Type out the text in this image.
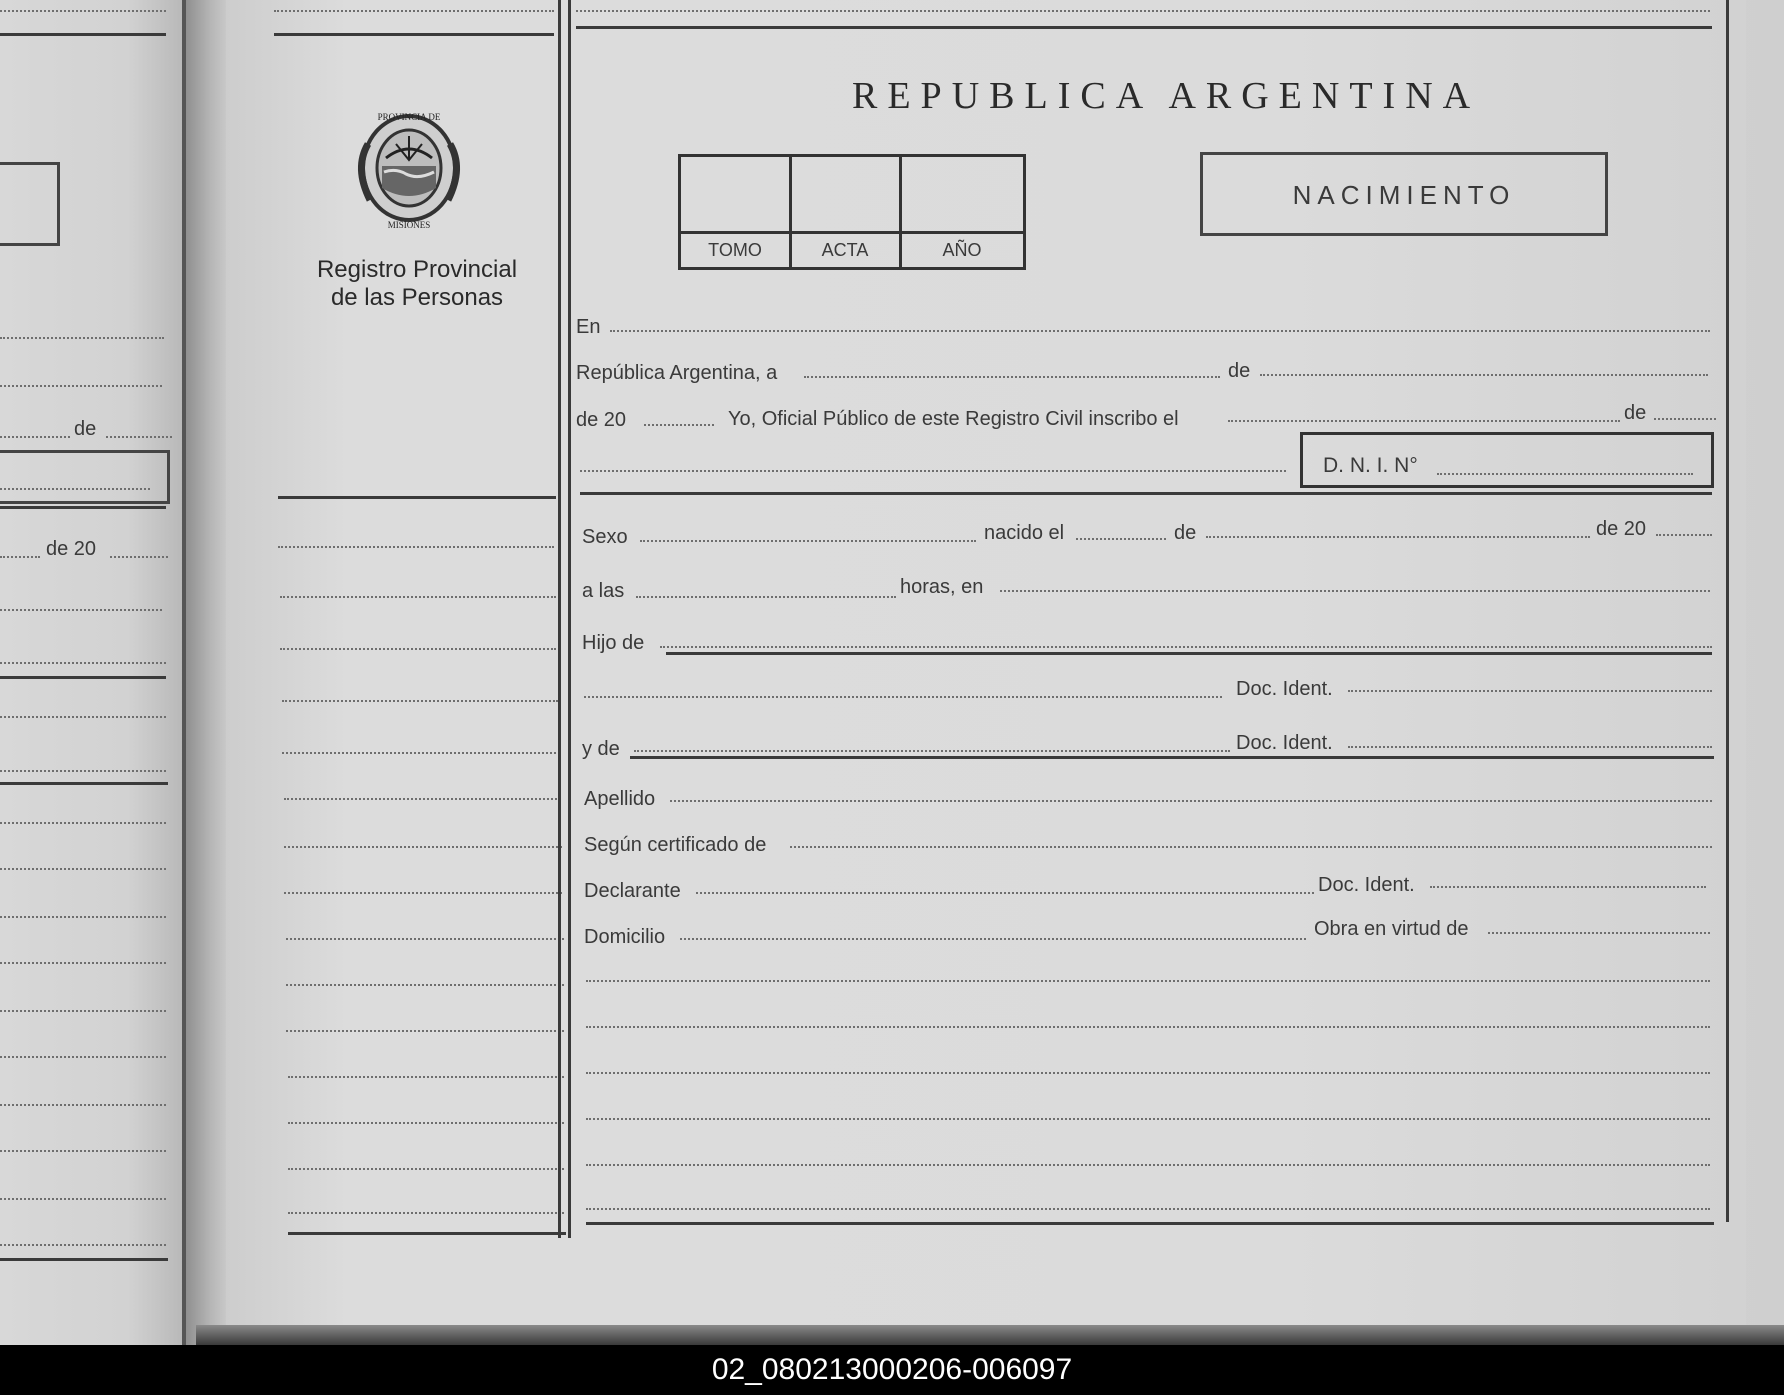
de
de 20
PROVINCIA DE
MISIONES
Registro Provincial
de las Personas
REPUBLICA ARGENTINA
TOMO	ACTA	AÑO
NACIMIENTO
En
República Argentina, a	de
de 20	Yo, Oficial Público de este Registro Civil inscribo el	de
D. N. I. N°
Sexo	nacido el	de	de 20
a las	horas, en
Hijo de
Doc. Ident.
y de	Doc. Ident.
Apellido
Según certificado de
Declarante	Doc. Ident.
Domicilio	Obra en virtud de
02_080213000206-006097
